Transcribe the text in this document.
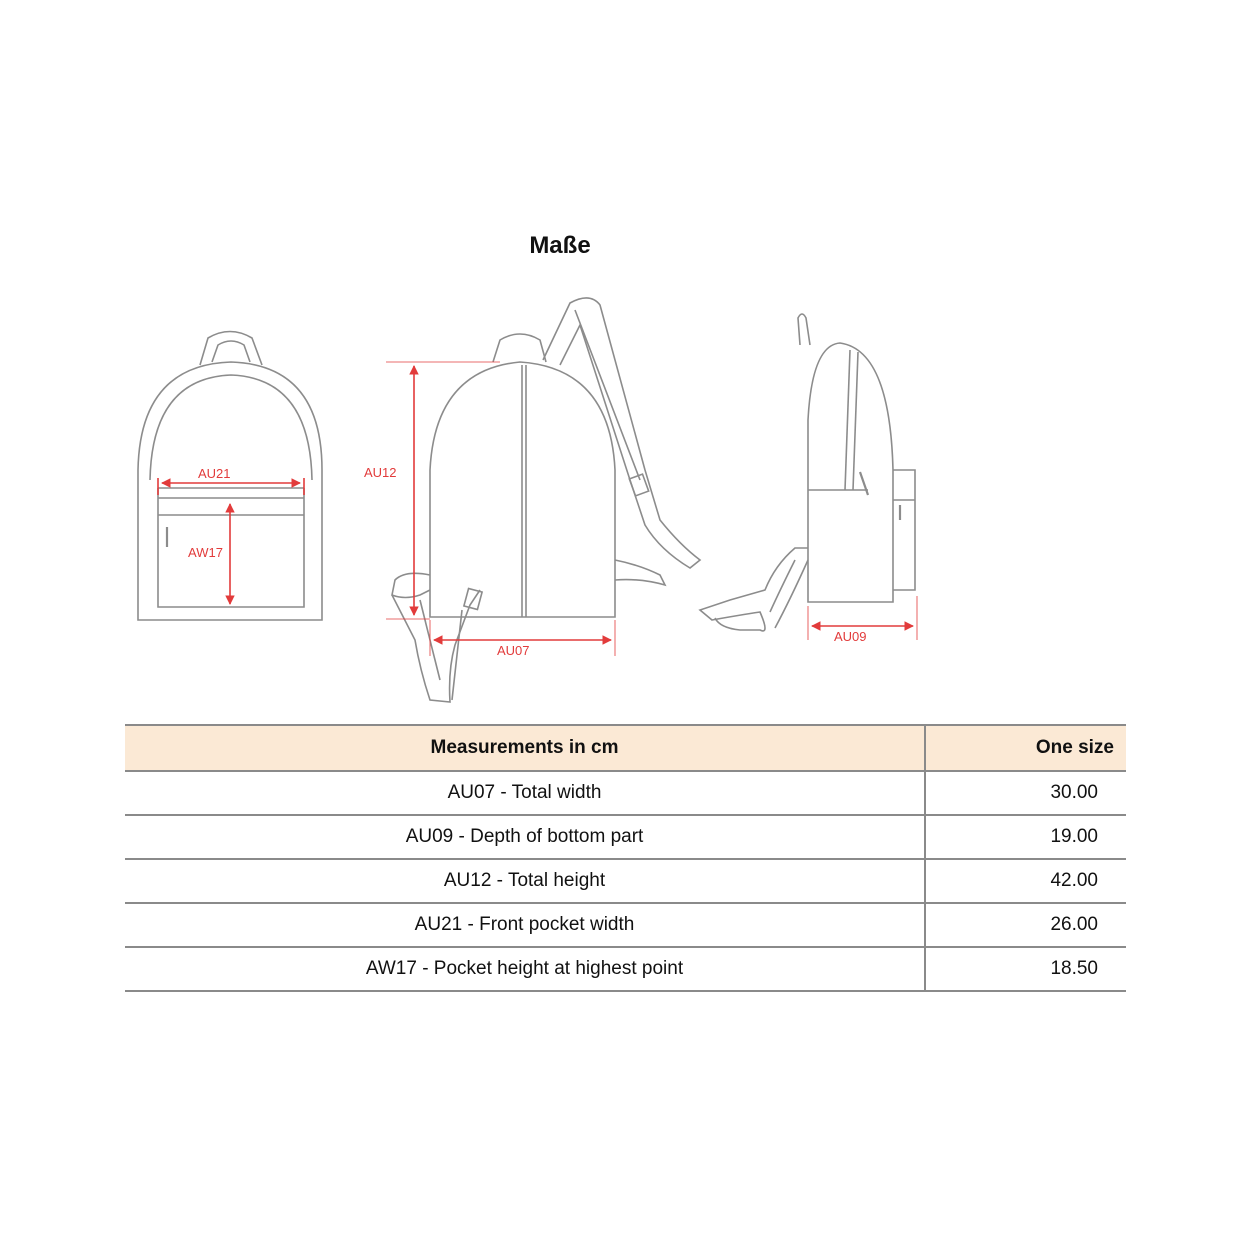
Maße
AU21
AW17
AU12
AU07
AU09
Measurements in cm	One size
AU07 - Total width	30.00
AU09 - Depth of bottom part	19.00
AU12 - Total height	42.00
AU21 - Front pocket width	26.00
AW17 - Pocket height at highest point	18.50
